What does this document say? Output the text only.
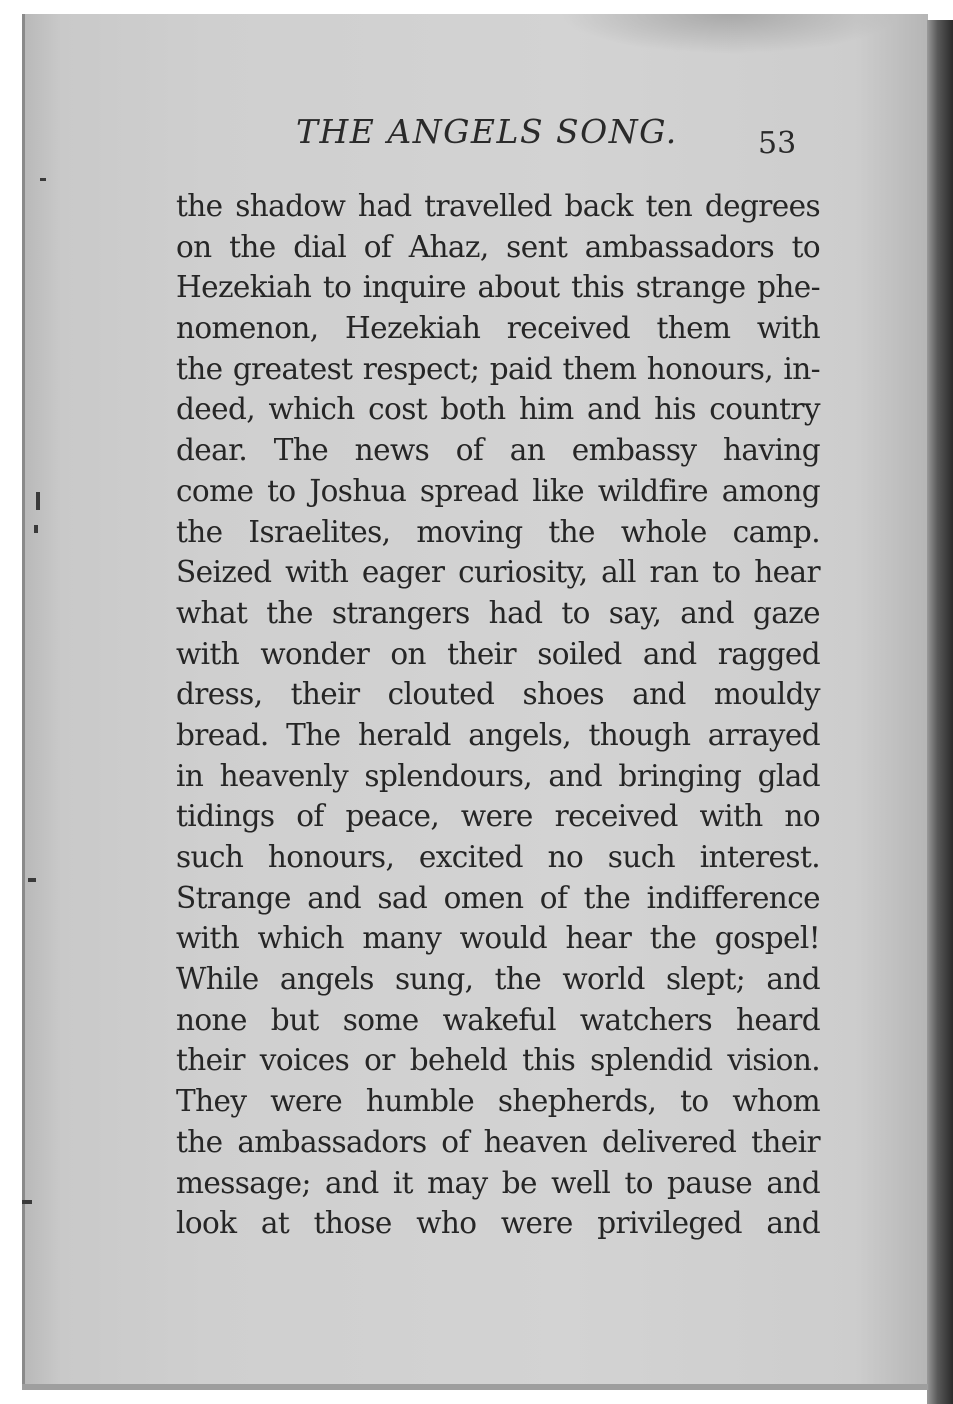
THE ANGELS SONG.	53
the shadow had travelled back ten degrees
on the dial of Ahaz, sent ambassadors to
Hezekiah to inquire about this strange phe-
nomenon, Hezekiah received them with
the greatest respect; paid them honours, in-
deed, which cost both him and his country
dear. The news of an embassy having
come to Joshua spread like wildfire among
the Israelites, moving the whole camp.
Seized with eager curiosity, all ran to hear
what the strangers had to say, and gaze
with wonder on their soiled and ragged
dress, their clouted shoes and mouldy
bread. The herald angels, though arrayed
in heavenly splendours, and bringing glad
tidings of peace, were received with no
such honours, excited no such interest.
Strange and sad omen of the indifference
with which many would hear the gospel!
While angels sung, the world slept; and
none but some wakeful watchers heard
their voices or beheld this splendid vision.
They were humble shepherds, to whom
the ambassadors of heaven delivered their
message; and it may be well to pause and
look at those who were privileged and
